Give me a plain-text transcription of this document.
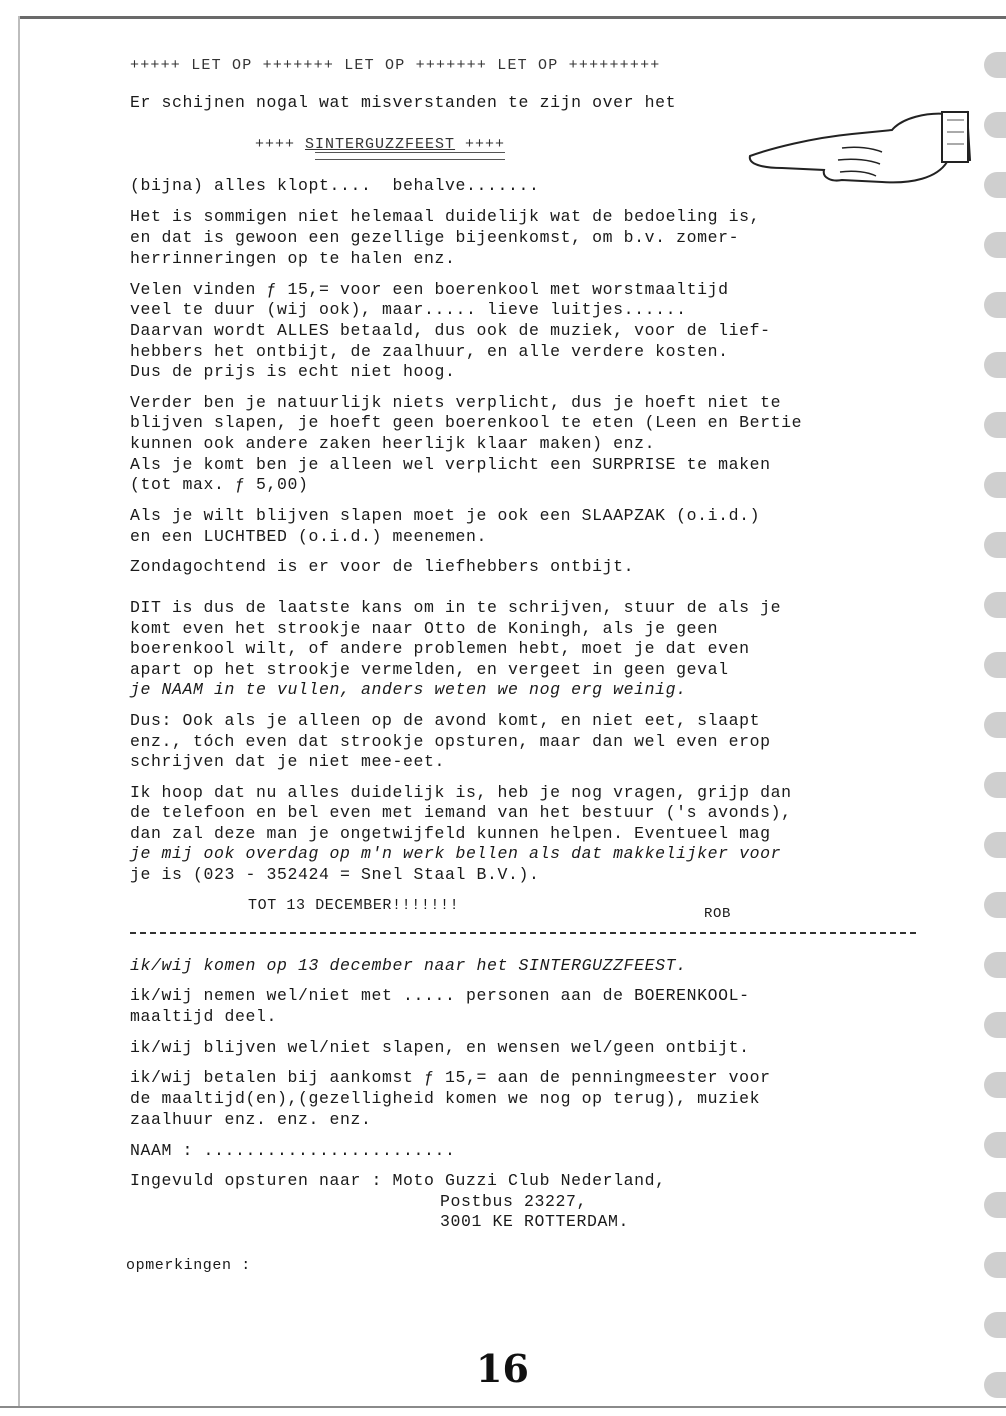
+++++ LET OP +++++++ LET OP +++++++ LET OP +++++++++
Er schijnen nogal wat misverstanden te zijn over het
++++ SINTERGUZZFEEST ++++
(bijna) alles klopt....  behalve.......
Het is sommigen niet helemaal duidelijk wat de bedoeling is,
en dat is gewoon een gezellige bijeenkomst, om b.v. zomer-
herrinneringen op te halen enz.
Velen vinden ƒ 15,= voor een boerenkool met worstmaaltijd
veel te duur (wij ook), maar..... lieve luitjes......
Daarvan wordt ALLES betaald, dus ook de muziek, voor de lief-
hebbers het ontbijt, de zaalhuur, en alle verdere kosten.
Dus de prijs is echt niet hoog.
Verder ben je natuurlijk niets verplicht, dus je hoeft niet te
blijven slapen, je hoeft geen boerenkool te eten (Leen en Bertie
kunnen ook andere zaken heerlijk klaar maken) enz.
Als je komt ben je alleen wel verplicht een SURPRISE te maken
(tot max. ƒ 5,00)
Als je wilt blijven slapen moet je ook een SLAAPZAK (o.i.d.)
en een LUCHTBED (o.i.d.) meenemen.
Zondagochtend is er voor de liefhebbers ontbijt.
DIT is dus de laatste kans om in te schrijven, stuur de als je
komt even het strookje naar Otto de Koningh, als je geen
boerenkool wilt, of andere problemen hebt, moet je dat even
apart op het strookje vermelden, en vergeet in geen geval
je NAAM in te vullen, anders weten we nog erg weinig.
Dus: Ook als je alleen op de avond komt, en niet eet, slaapt
enz., tóch even dat strookje opsturen, maar dan wel even erop
schrijven dat je niet mee-eet.
Ik hoop dat nu alles duidelijk is, heb je nog vragen, grijp dan
de telefoon en bel even met iemand van het bestuur ('s avonds),
dan zal deze man je ongetwijfeld kunnen helpen. Eventueel mag
je mij ook overdag op m'n werk bellen als dat makkelijker voor
je is (023 - 352424 = Snel Staal B.V.).
TOT 13 DECEMBER!!!!!!!	ROB
ik/wij komen op 13 december naar het SINTERGUZZFEEST.
ik/wij nemen wel/niet met ..... personen aan de BOERENKOOL-
maaltijd deel.
ik/wij blijven wel/niet slapen, en wensen wel/geen ontbijt.
ik/wij betalen bij aankomst ƒ 15,= aan de penningmeester voor
de maaltijd(en),(gezelligheid komen we nog op terug), muziek
zaalhuur enz. enz. enz.
NAAM : ........................
Ingevuld opsturen naar : Moto Guzzi Club Nederland,
Postbus 23227,
3001 KE ROTTERDAM.
opmerkingen :
16
